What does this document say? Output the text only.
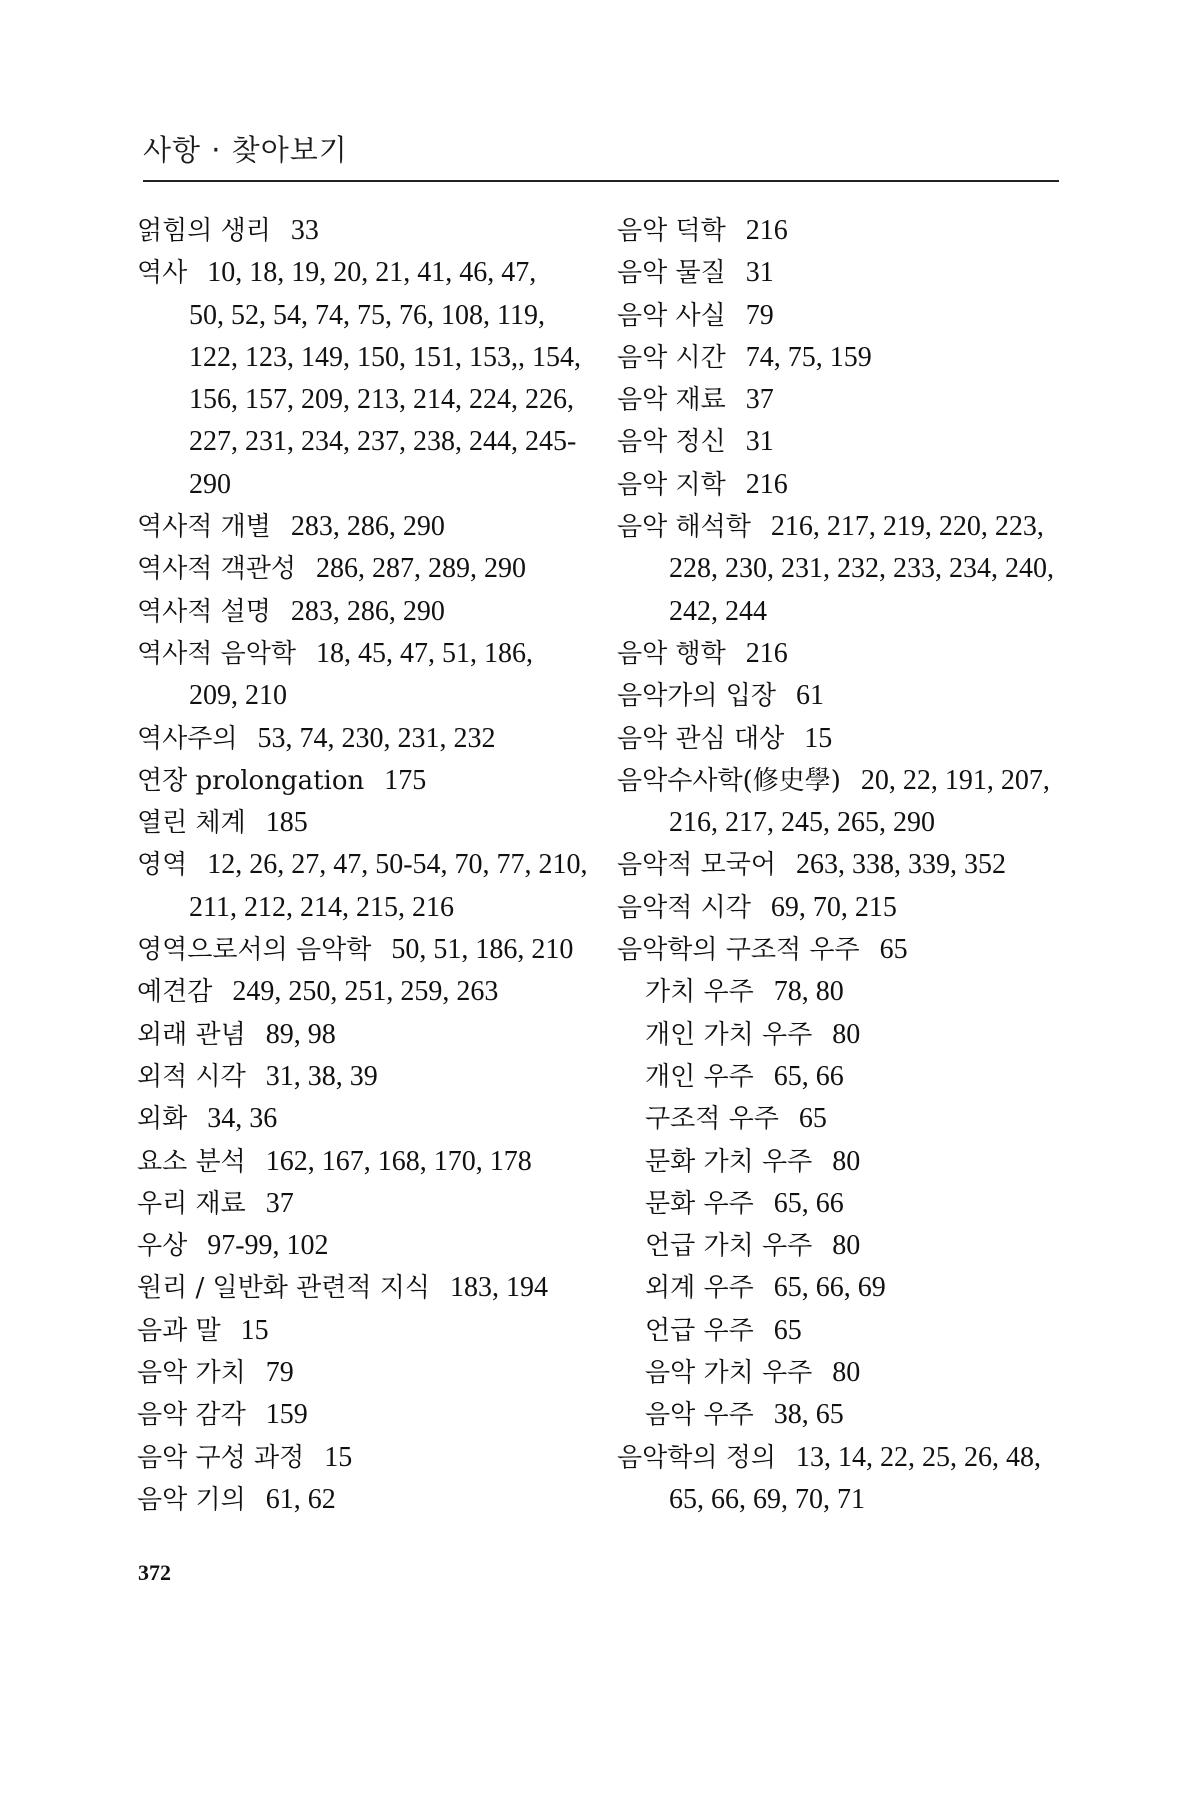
사항 · 찾아보기
얽힘의 생리 33
역사 10, 18, 19, 20, 21, 41, 46, 47,
50, 52, 54, 74, 75, 76, 108, 119,
122, 123, 149, 150, 151, 153,, 154,
156, 157, 209, 213, 214, 224, 226,
227, 231, 234, 237, 238, 244, 245-
290
역사적 개별 283, 286, 290
역사적 객관성 286, 287, 289, 290
역사적 설명 283, 286, 290
역사적 음악학 18, 45, 47, 51, 186,
209, 210
역사주의 53, 74, 230, 231, 232
연장 prolongation 175
열린 체계 185
영역 12, 26, 27, 47, 50-54, 70, 77, 210,
211, 212, 214, 215, 216
영역으로서의 음악학 50, 51, 186, 210
예견감 249, 250, 251, 259, 263
외래 관념 89, 98
외적 시각 31, 38, 39
외화 34, 36
요소 분석 162, 167, 168, 170, 178
우리 재료 37
우상 97-99, 102
원리 / 일반화 관련적 지식 183, 194
음과 말 15
음악 가치 79
음악 감각 159
음악 구성 과정 15
음악 기의 61, 62
음악 덕학 216
음악 물질 31
음악 사실 79
음악 시간 74, 75, 159
음악 재료 37
음악 정신 31
음악 지학 216
음악 해석학 216, 217, 219, 220, 223,
228, 230, 231, 232, 233, 234, 240,
242, 244
음악 행학 216
음악가의 입장 61
음악 관심 대상 15
음악수사학(修史學) 20, 22, 191, 207,
216, 217, 245, 265, 290
음악적 모국어 263, 338, 339, 352
음악적 시각 69, 70, 215
음악학의 구조적 우주 65
가치 우주 78, 80
개인 가치 우주 80
개인 우주 65, 66
구조적 우주 65
문화 가치 우주 80
문화 우주 65, 66
언급 가치 우주 80
외계 우주 65, 66, 69
언급 우주 65
음악 가치 우주 80
음악 우주 38, 65
음악학의 정의 13, 14, 22, 25, 26, 48,
65, 66, 69, 70, 71
372
